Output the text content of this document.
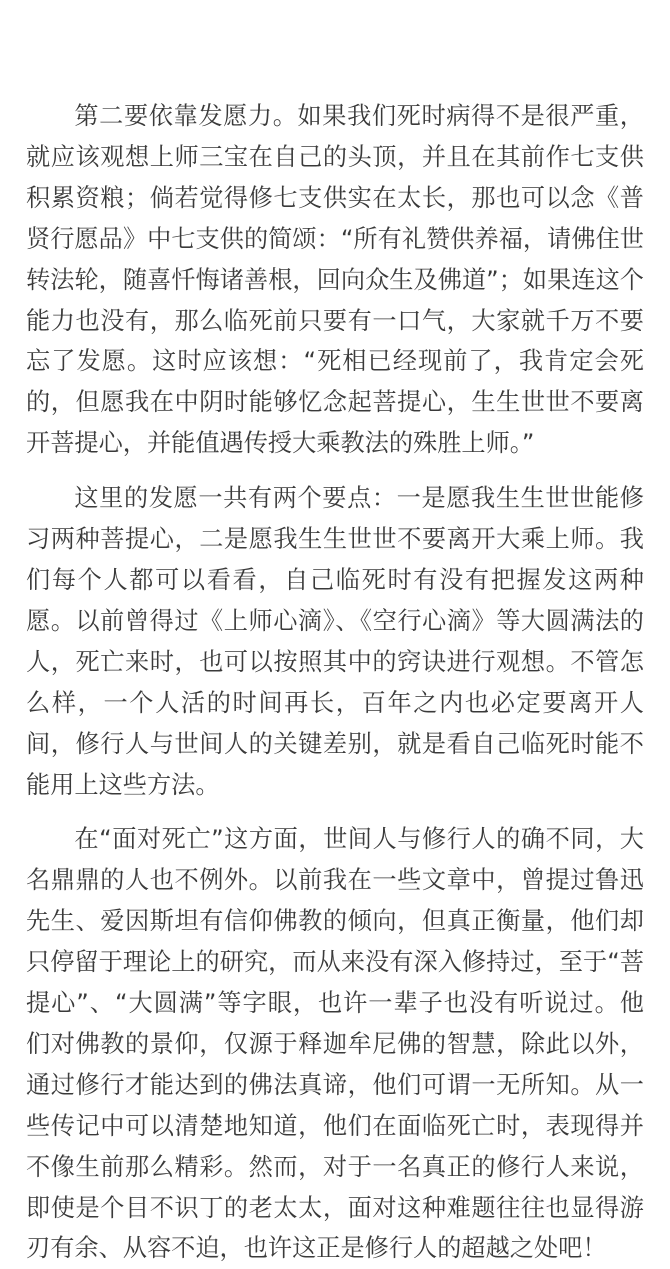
第二要依靠发愿力。如果我们死时病得不是很严重，就应该观想上师三宝在自己的头顶，并且在其前作七支供积累资粮；倘若觉得修七支供实在太长，那也可以念《普贤行愿品》中七支供的简颂：“所有礼赞供养福，请佛住世转法轮，随喜忏悔诸善根，回向众生及佛道”；如果连这个能力也没有，那么临死前只要有一口气，大家就千万不要忘了发愿。这时应该想：“死相已经现前了，我肯定会死的，但愿我在中阴时能够忆念起菩提心，生生世世不要离开菩提心，并能值遇传授大乘教法的殊胜上师。”

这里的发愿一共有两个要点：一是愿我生生世世能修习两种菩提心，二是愿我生生世世不要离开大乘上师。我们每个人都可以看看，自己临死时有没有把握发这两种愿。以前曾得过《上师心滴》、《空行心滴》等大圆满法的人，死亡来时，也可以按照其中的窍诀进行观想。不管怎么样，一个人活的时间再长，百年之内也必定要离开人间，修行人与世间人的关键差别，就是看自己临死时能不能用上这些方法。

在“面对死亡”这方面，世间人与修行人的确不同，大名鼎鼎的人也不例外。以前我在一些文章中，曾提过鲁迅先生、爱因斯坦有信仰佛教的倾向，但真正衡量，他们却只停留于理论上的研究，而从来没有深入修持过，至于“菩提心”、“大圆满”等字眼，也许一辈子也没有听说过。他们对佛教的景仰，仅源于释迦牟尼佛的智慧，除此以外，通过修行才能达到的佛法真谛，他们可谓一无所知。从一些传记中可以清楚地知道，他们在面临死亡时，表现得并不像生前那么精彩。然而，对于一名真正的修行人来说，即使是个目不识丁的老太太，面对这种难题往往也显得游刃有余、从容不迫，也许这正是修行人的超越之处吧！
